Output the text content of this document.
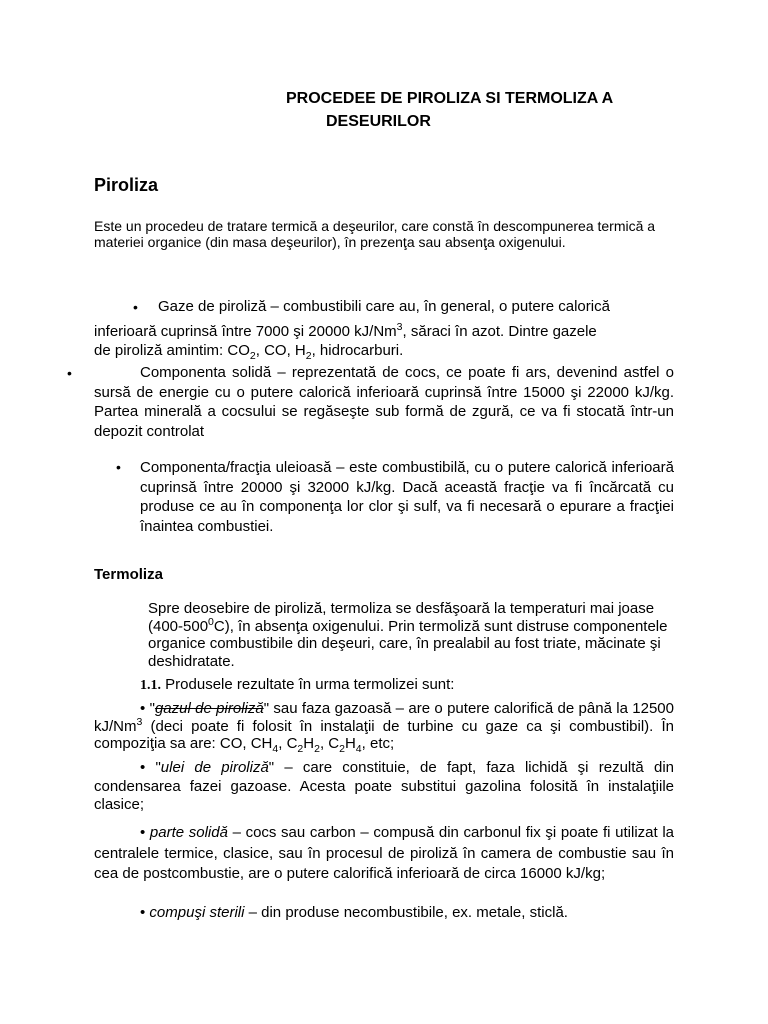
PROCEDEE DE PIROLIZA SI TERMOLIZA A
DESEURILOR
Piroliza
Este un procedeu de tratare termică a deşeurilor, care constă în descompunerea termică a materiei organice (din masa deşeurilor), în prezenţa sau absenţa oxigenului.
• Gaze de piroliză – combustibili care au, în general, o putere calorică
inferioară cuprinsă între 7000 şi 20000 kJ/Nm$^3$, săraci în azot. Dintre gazele
de piroliză amintim: $CO_2$, CO, $H_2$, hidrocarburi.
•	Componenta solidă – reprezentată de cocs, ce poate fi ars, devenind astfel o sursă de energie cu o putere calorică inferioară cuprinsă între 15000 şi 22000 kJ/kg. Partea minerală a cocsului se regăseşte sub formă de zgură, ce va fi stocată într-un depozit controlat
• Componenta/fracţia uleioasă – este combustibilă, cu o putere calorică inferioară cuprinsă între 20000 şi 32000 kJ/kg. Dacă această fracţie va fi încărcată cu produse ce au în componenţa lor clor şi sulf, va fi necesară o epurare a fracţiei înaintea combustiei.
Termoliza
Spre deosebire de piroliză, termoliza se desfăşoară la temperaturi mai joase $(400-500^0C)$, în absenţa oxigenului. Prin termoliză sunt distruse componentele organice combustibile din deşeuri, care, în prealabil au fost triate, măcinate şi deshidratate.
1.1. Produsele rezultate în urma termolizei sunt:
• "gazul de piroliză" sau faza gazoasă – are o putere calorifică de până la 12500 kJ/Nm$^3$ (deci poate fi folosit în instalaţii de turbine cu gaze ca şi combustibil). În compoziţia sa are: CO, $CH_4$, $C_2H_2$, $C_2H_4$, etc;
• "ulei de piroliză" – care constituie, de fapt, faza lichidă şi rezultă din condensarea fazei gazoase. Acesta poate substitui gazolina folosită în instalaţiile clasice;
• parte solidă – cocs sau carbon – compusă din carbonul fix şi poate fi utilizat la centralele termice, clasice, sau în procesul de piroliză în camera de combustie sau în cea de postcombustie, are o putere calorifică inferioară de circa 16000 kJ/kg;
• compuşi sterili – din produse necombustibile, ex. metale, sticlă.
